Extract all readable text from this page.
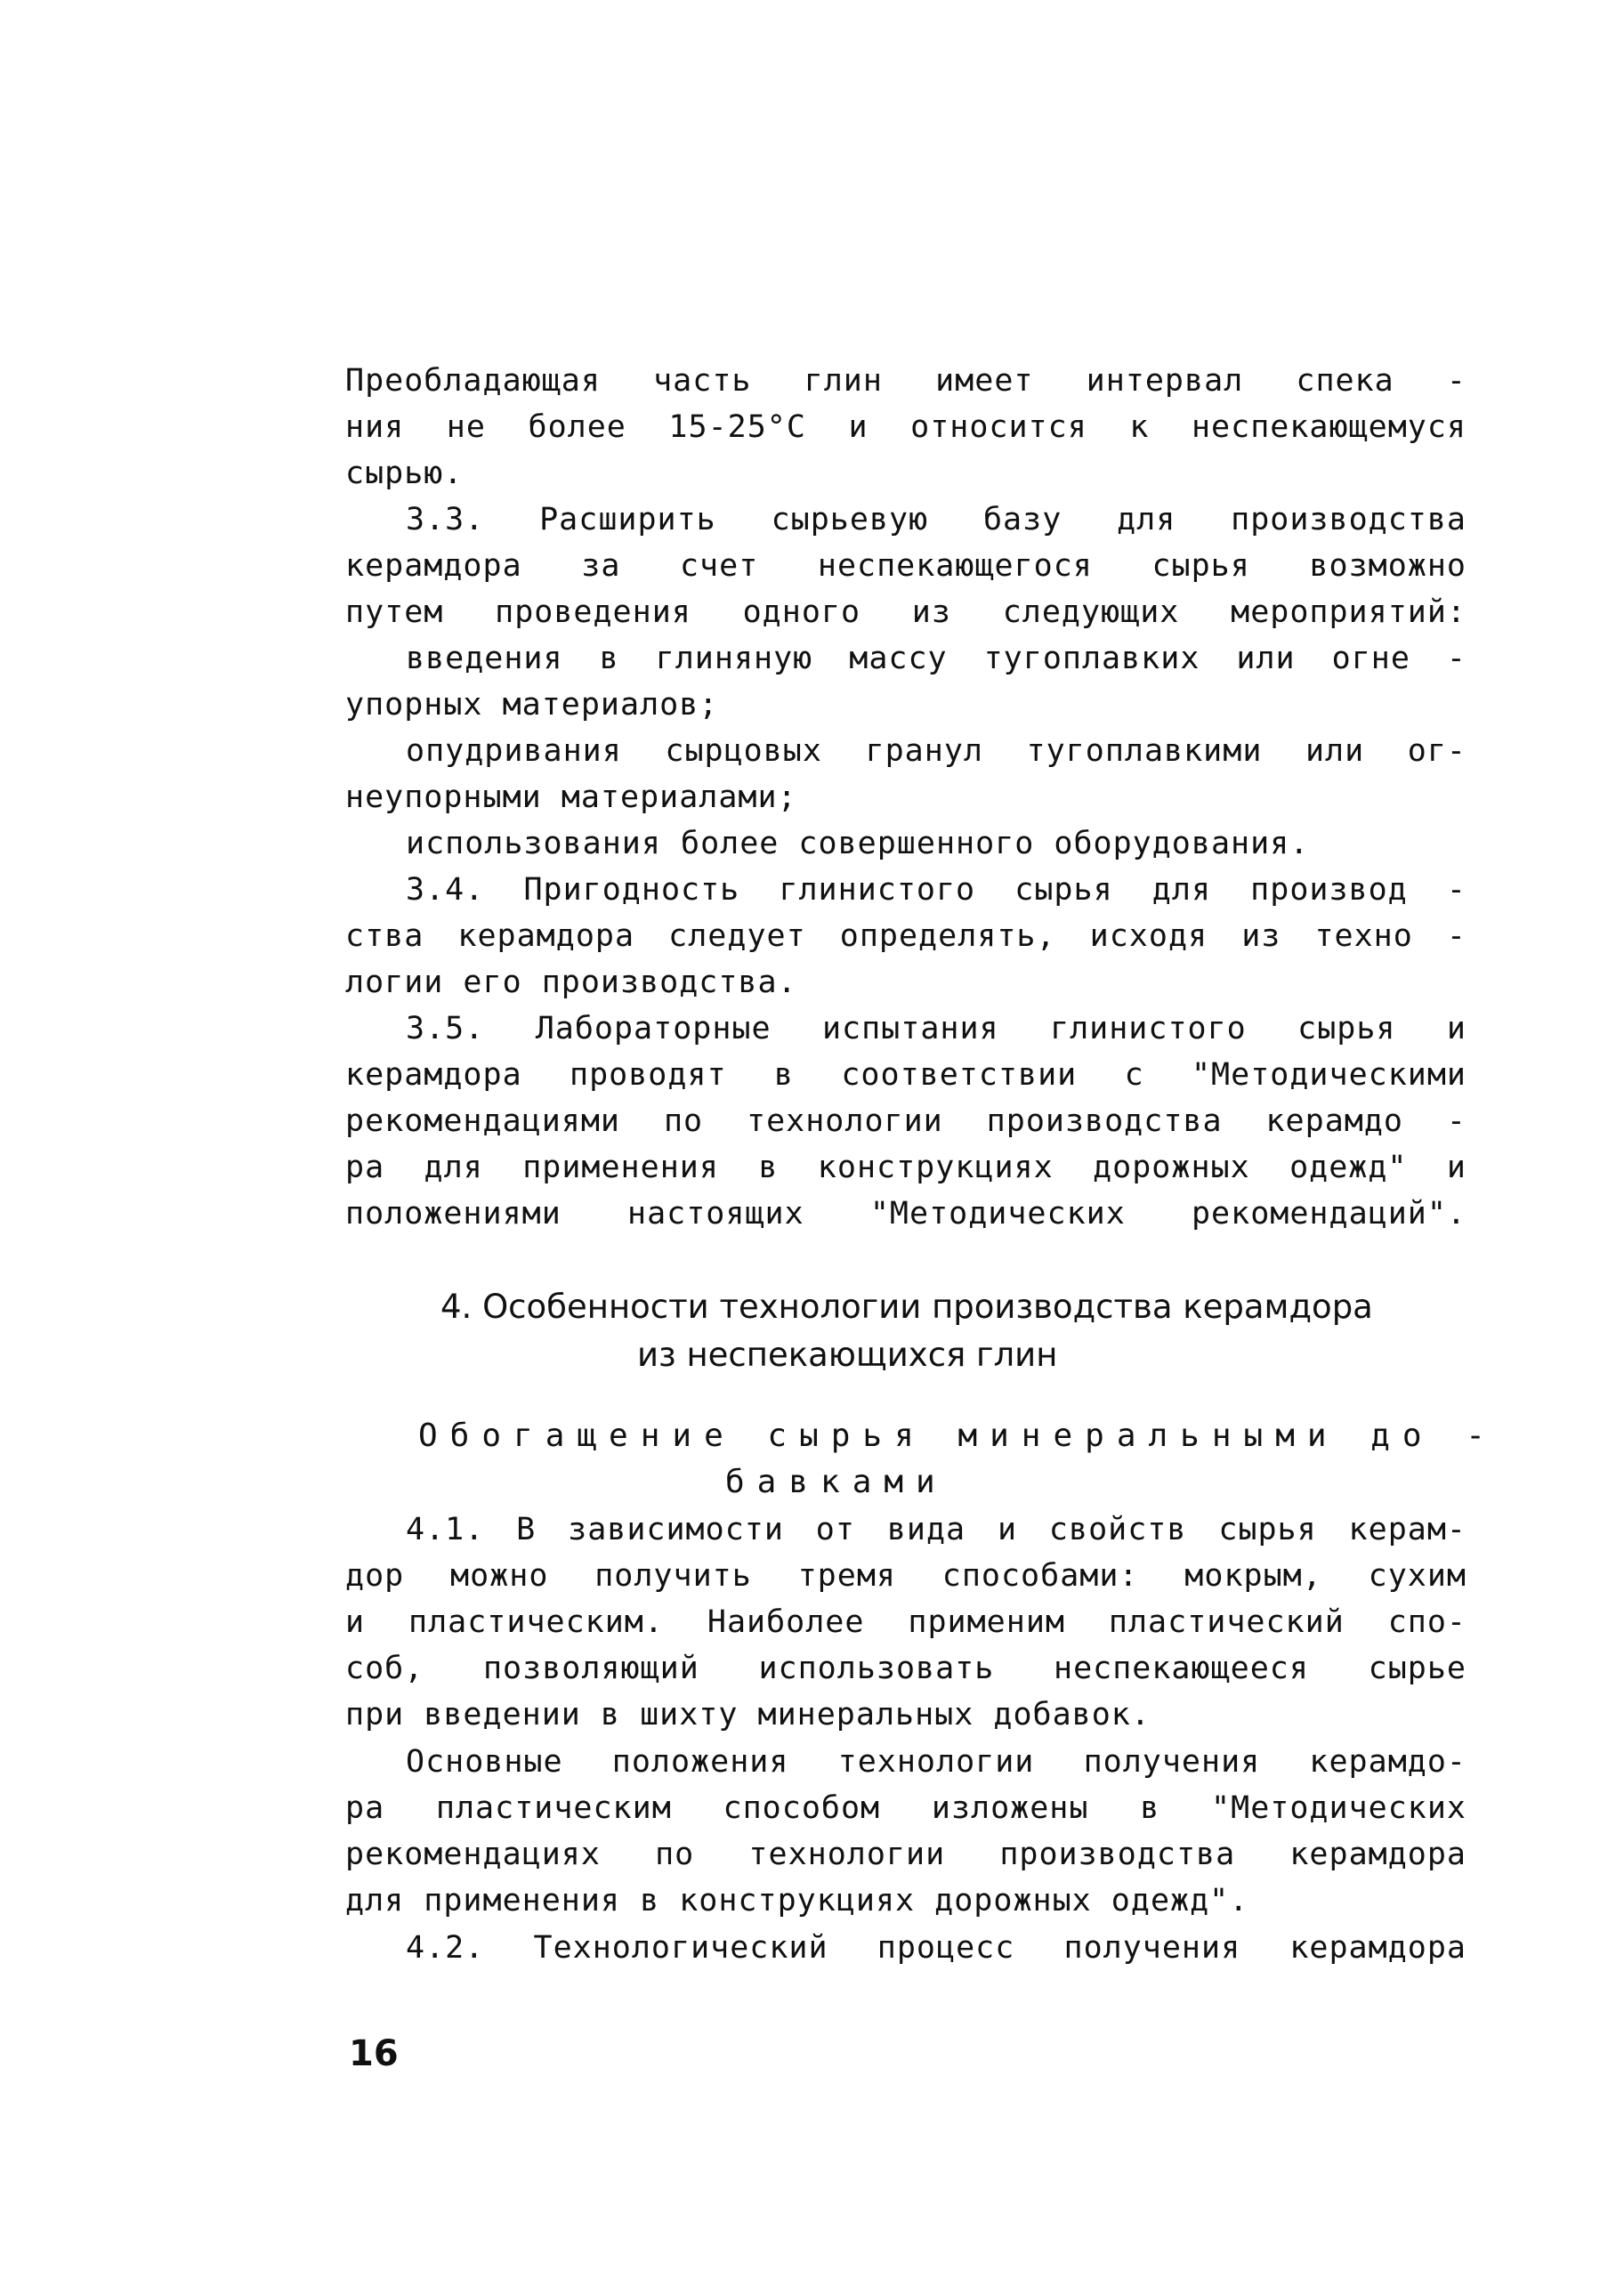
Преобладающая часть глин имеет интервал спека -
ния не более 15-25°С и относится к неспекающемуся
сырью.
3.3. Расширить сырьевую базу для производства
керамдора за счет неспекающегося сырья возможно
путем проведения одного из следующих мероприятий:
введения в глиняную массу тугоплавких или огне -
упорных материалов;
опудривания сырцовых гранул тугоплавкими или ог-
неупорными материалами;
использования более совершенного оборудования.
3.4. Пригодность глинистого сырья для производ -
ства керамдора следует определять, исходя из техно -
логии его производства.
3.5. Лабораторные испытания глинистого сырья и
керамдора проводят в соответствии с "Методическими
рекомендациями по технологии производства керамдо -
ра для применения в конструкциях дорожных одежд" и
положениями настоящих "Методических рекомендаций".
4.1. В зависимости от вида и свойств сырья керам-
дор можно получить тремя способами: мокрым, сухим
и пластическим. Наиболее применим пластический спо-
соб, позволяющий использовать неспекающееся сырье
при введении в шихту минеральных добавок.
Основные положения технологии получения керамдо-
ра пластическим способом изложены в "Методических
рекомендациях по технологии производства керамдора
для применения в конструкциях дорожных одежд".
4.2. Технологический процесс получения керамдора
4. Особенности технологии производства керамдора
из неспекающихся глин
Обогащение сырья минеральными до -
бавками
16
